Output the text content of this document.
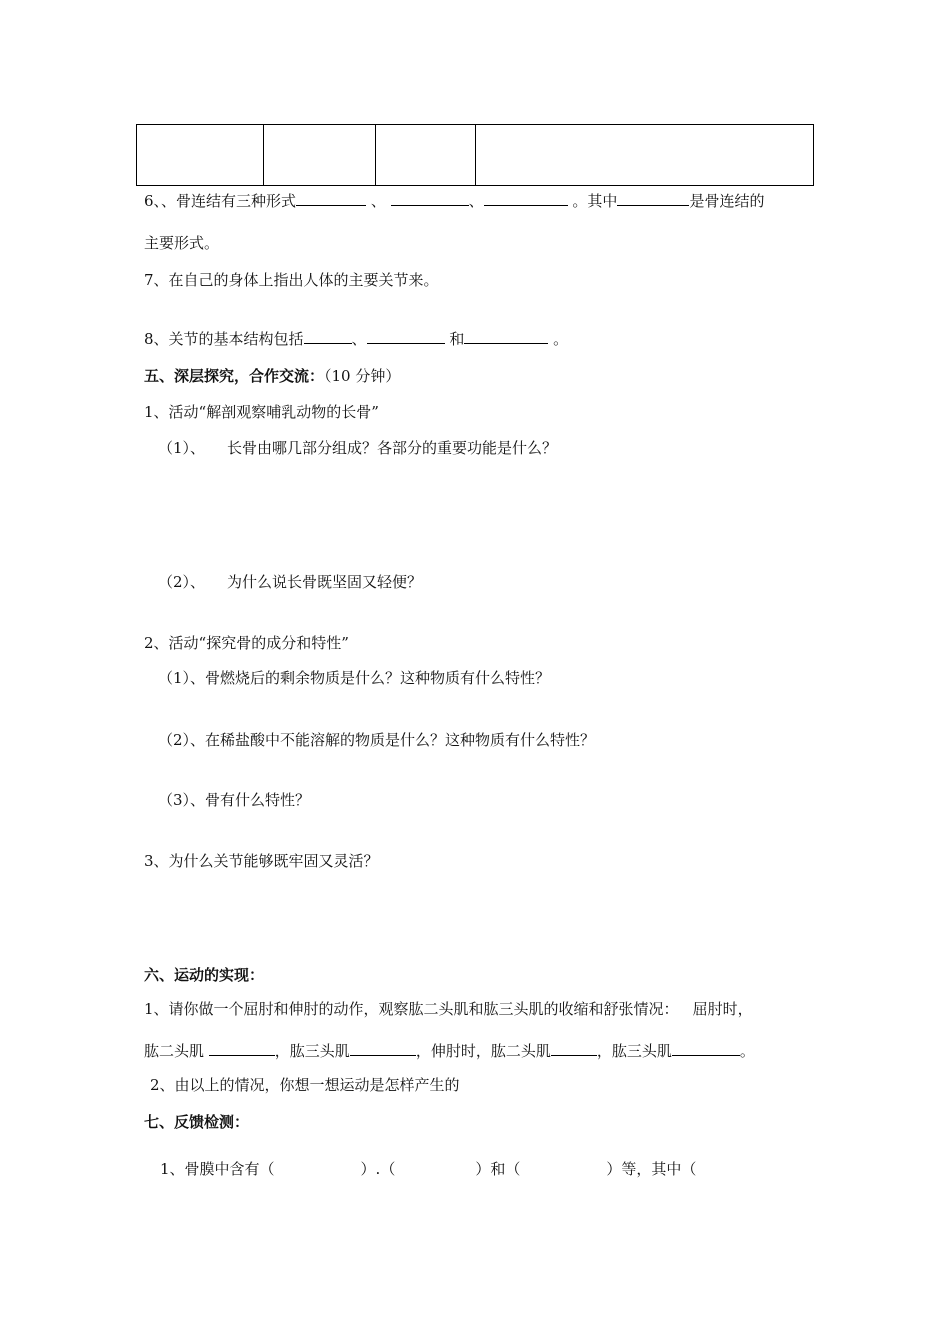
6、、骨连结有三种形式	、	、	。其中	是骨连结的
主要形式。
7、在自己的身体上指出人体的主要关节来。
8、关节的基本结构包括	、	和	。
五、深层探究，合作交流：（10 分钟）
1、活动“解剖观察哺乳动物的长骨”
（1）、 长骨由哪几部分组成？各部分的重要功能是什么？
（2）、 为什么说长骨既坚固又轻便？
2、活动“探究骨的成分和特性”
（1）、骨燃烧后的剩余物质是什么？这种物质有什么特性？
（2）、在稀盐酸中不能溶解的物质是什么？这种物质有什么特性？
（3）、骨有什么特性？
3、为什么关节能够既牢固又灵活？
六、运动的实现：
1、请你做一个屈肘和伸肘的动作，观察肱二头肌和肱三头肌的收缩和舒张情况： 屈肘时，
肱二头肌	，肱三头肌	，伸肘时，肱二头肌	，肱三头肌	。
2、由以上的情况，你想一想运动是怎样产生的
七、反馈检测：
1、骨膜中含有（	）.（	）和（	）等，其中（
